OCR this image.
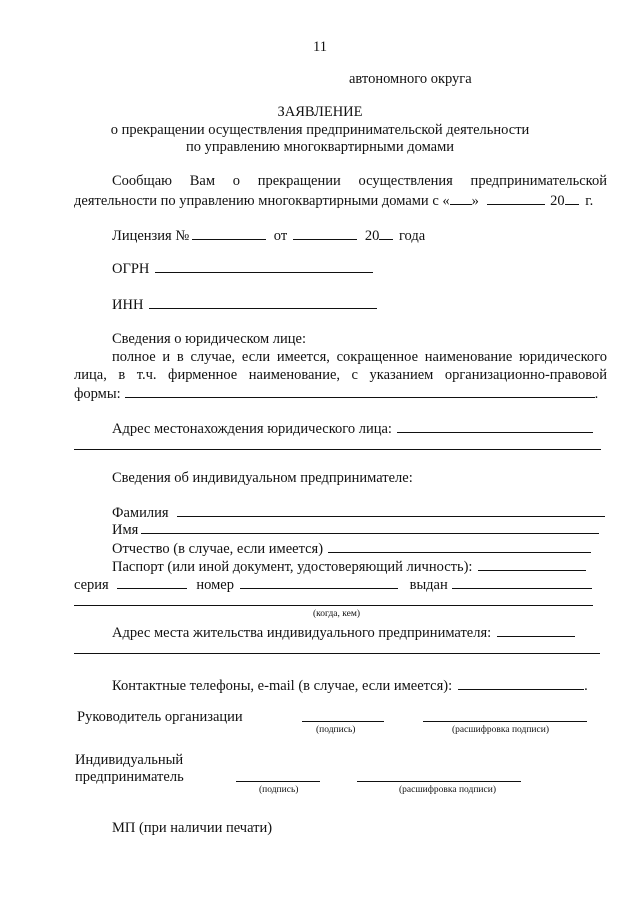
11
автономного округа
ЗАЯВЛЕНИЕ
о прекращении осуществления предпринимательской деятельности
по управлению многоквартирными домами
Сообщаю Вам о прекращении осуществления предпринимательской
деятельности по управлению многоквартирными домами с « »	20 г.
Лицензия №	от	20 года
ОГРН
ИНН
Сведения о юридическом лице:
полное и в случае, если имеется, сокращенное наименование юридического
лица, в т.ч. фирменное наименование, с указанием организационно-правовой
формы:	.
Адрес местонахождения юридического лица:
Сведения об индивидуальном предпринимателе:
Фамилия
Имя
Отчество (в случае, если имеется)
Паспорт (или иной документ, удостоверяющий личность):
серия	номер	выдан
(когда, кем)
Адрес места жительства индивидуального предпринимателя:
Контактные телефоны, e-mail (в случае, если имеется):	.
Руководитель организации
(подпись)	(расшифровка подписи)
Индивидуальный
предприниматель
(подпись)	(расшифровка подписи)
МП (при наличии печати)
